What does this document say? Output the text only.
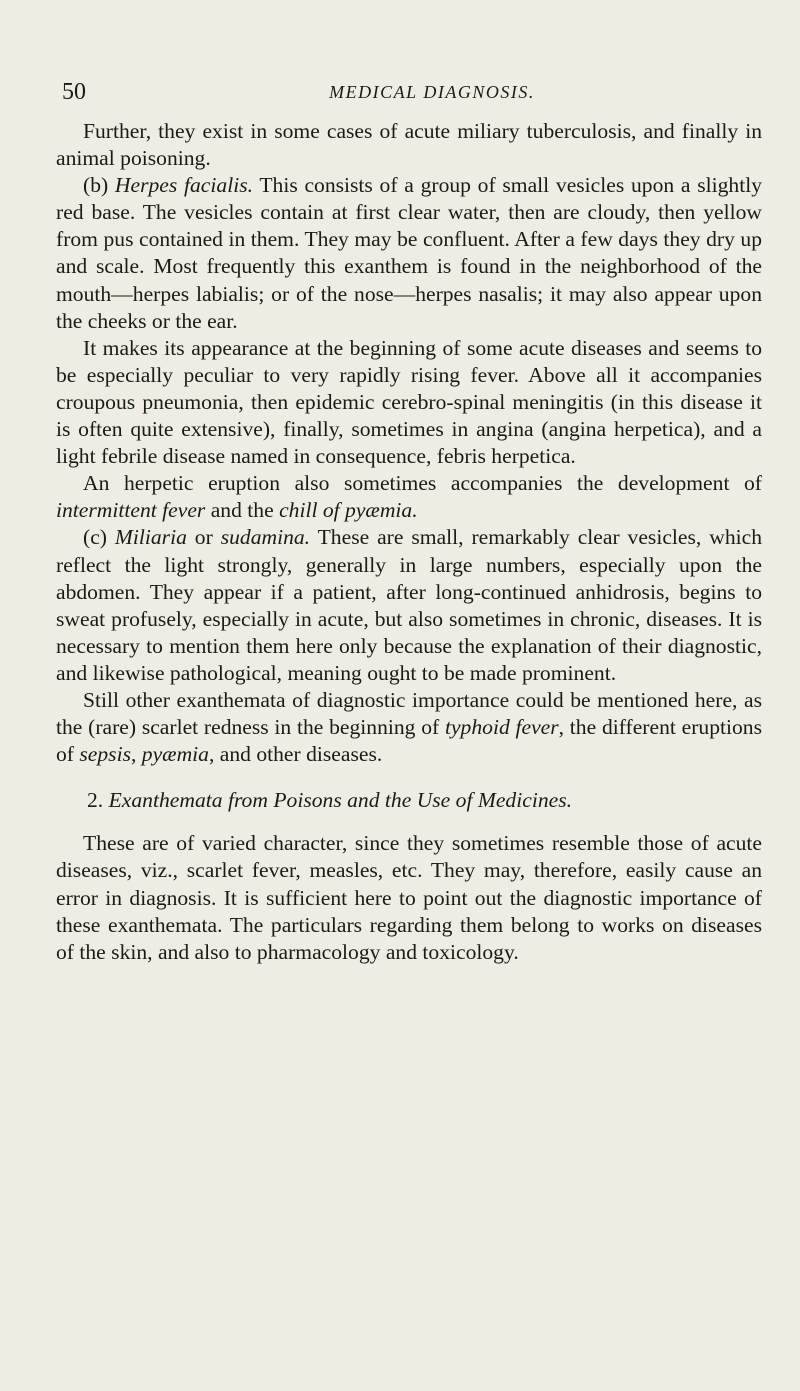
50	MEDICAL DIAGNOSIS.

Further, they exist in some cases of acute miliary tuberculosis, and finally in animal poisoning.

(b) Herpes facialis. This consists of a group of small vesicles upon a slightly red base. The vesicles contain at first clear water, then are cloudy, then yellow from pus contained in them. They may be confluent. After a few days they dry up and scale. Most frequently this exanthem is found in the neighborhood of the mouth—herpes labialis; or of the nose—herpes nasalis; it may also appear upon the cheeks or the ear.

It makes its appearance at the beginning of some acute diseases and seems to be especially peculiar to very rapidly rising fever. Above all it accompanies croupous pneumonia, then epidemic cerebro-spinal meningitis (in this disease it is often quite extensive), finally, sometimes in angina (angina herpetica), and a light febrile disease named in consequence, febris herpetica.

An herpetic eruption also sometimes accompanies the development of intermittent fever and the chill of pyæmia.

(c) Miliaria or sudamina. These are small, remarkably clear vesicles, which reflect the light strongly, generally in large numbers, especially upon the abdomen. They appear if a patient, after long-continued anhidrosis, begins to sweat profusely, especially in acute, but also sometimes in chronic, diseases. It is necessary to mention them here only because the explanation of their diagnostic, and likewise pathological, meaning ought to be made prominent.

Still other exanthemata of diagnostic importance could be mentioned here, as the (rare) scarlet redness in the beginning of typhoid fever, the different eruptions of sepsis, pyæmia, and other diseases.

2. Exanthemata from Poisons and the Use of Medicines.

These are of varied character, since they sometimes resemble those of acute diseases, viz., scarlet fever, measles, etc. They may, therefore, easily cause an error in diagnosis. It is sufficient here to point out the diagnostic importance of these exanthemata. The particulars regarding them belong to works on diseases of the skin, and also to pharmacology and toxicology.
